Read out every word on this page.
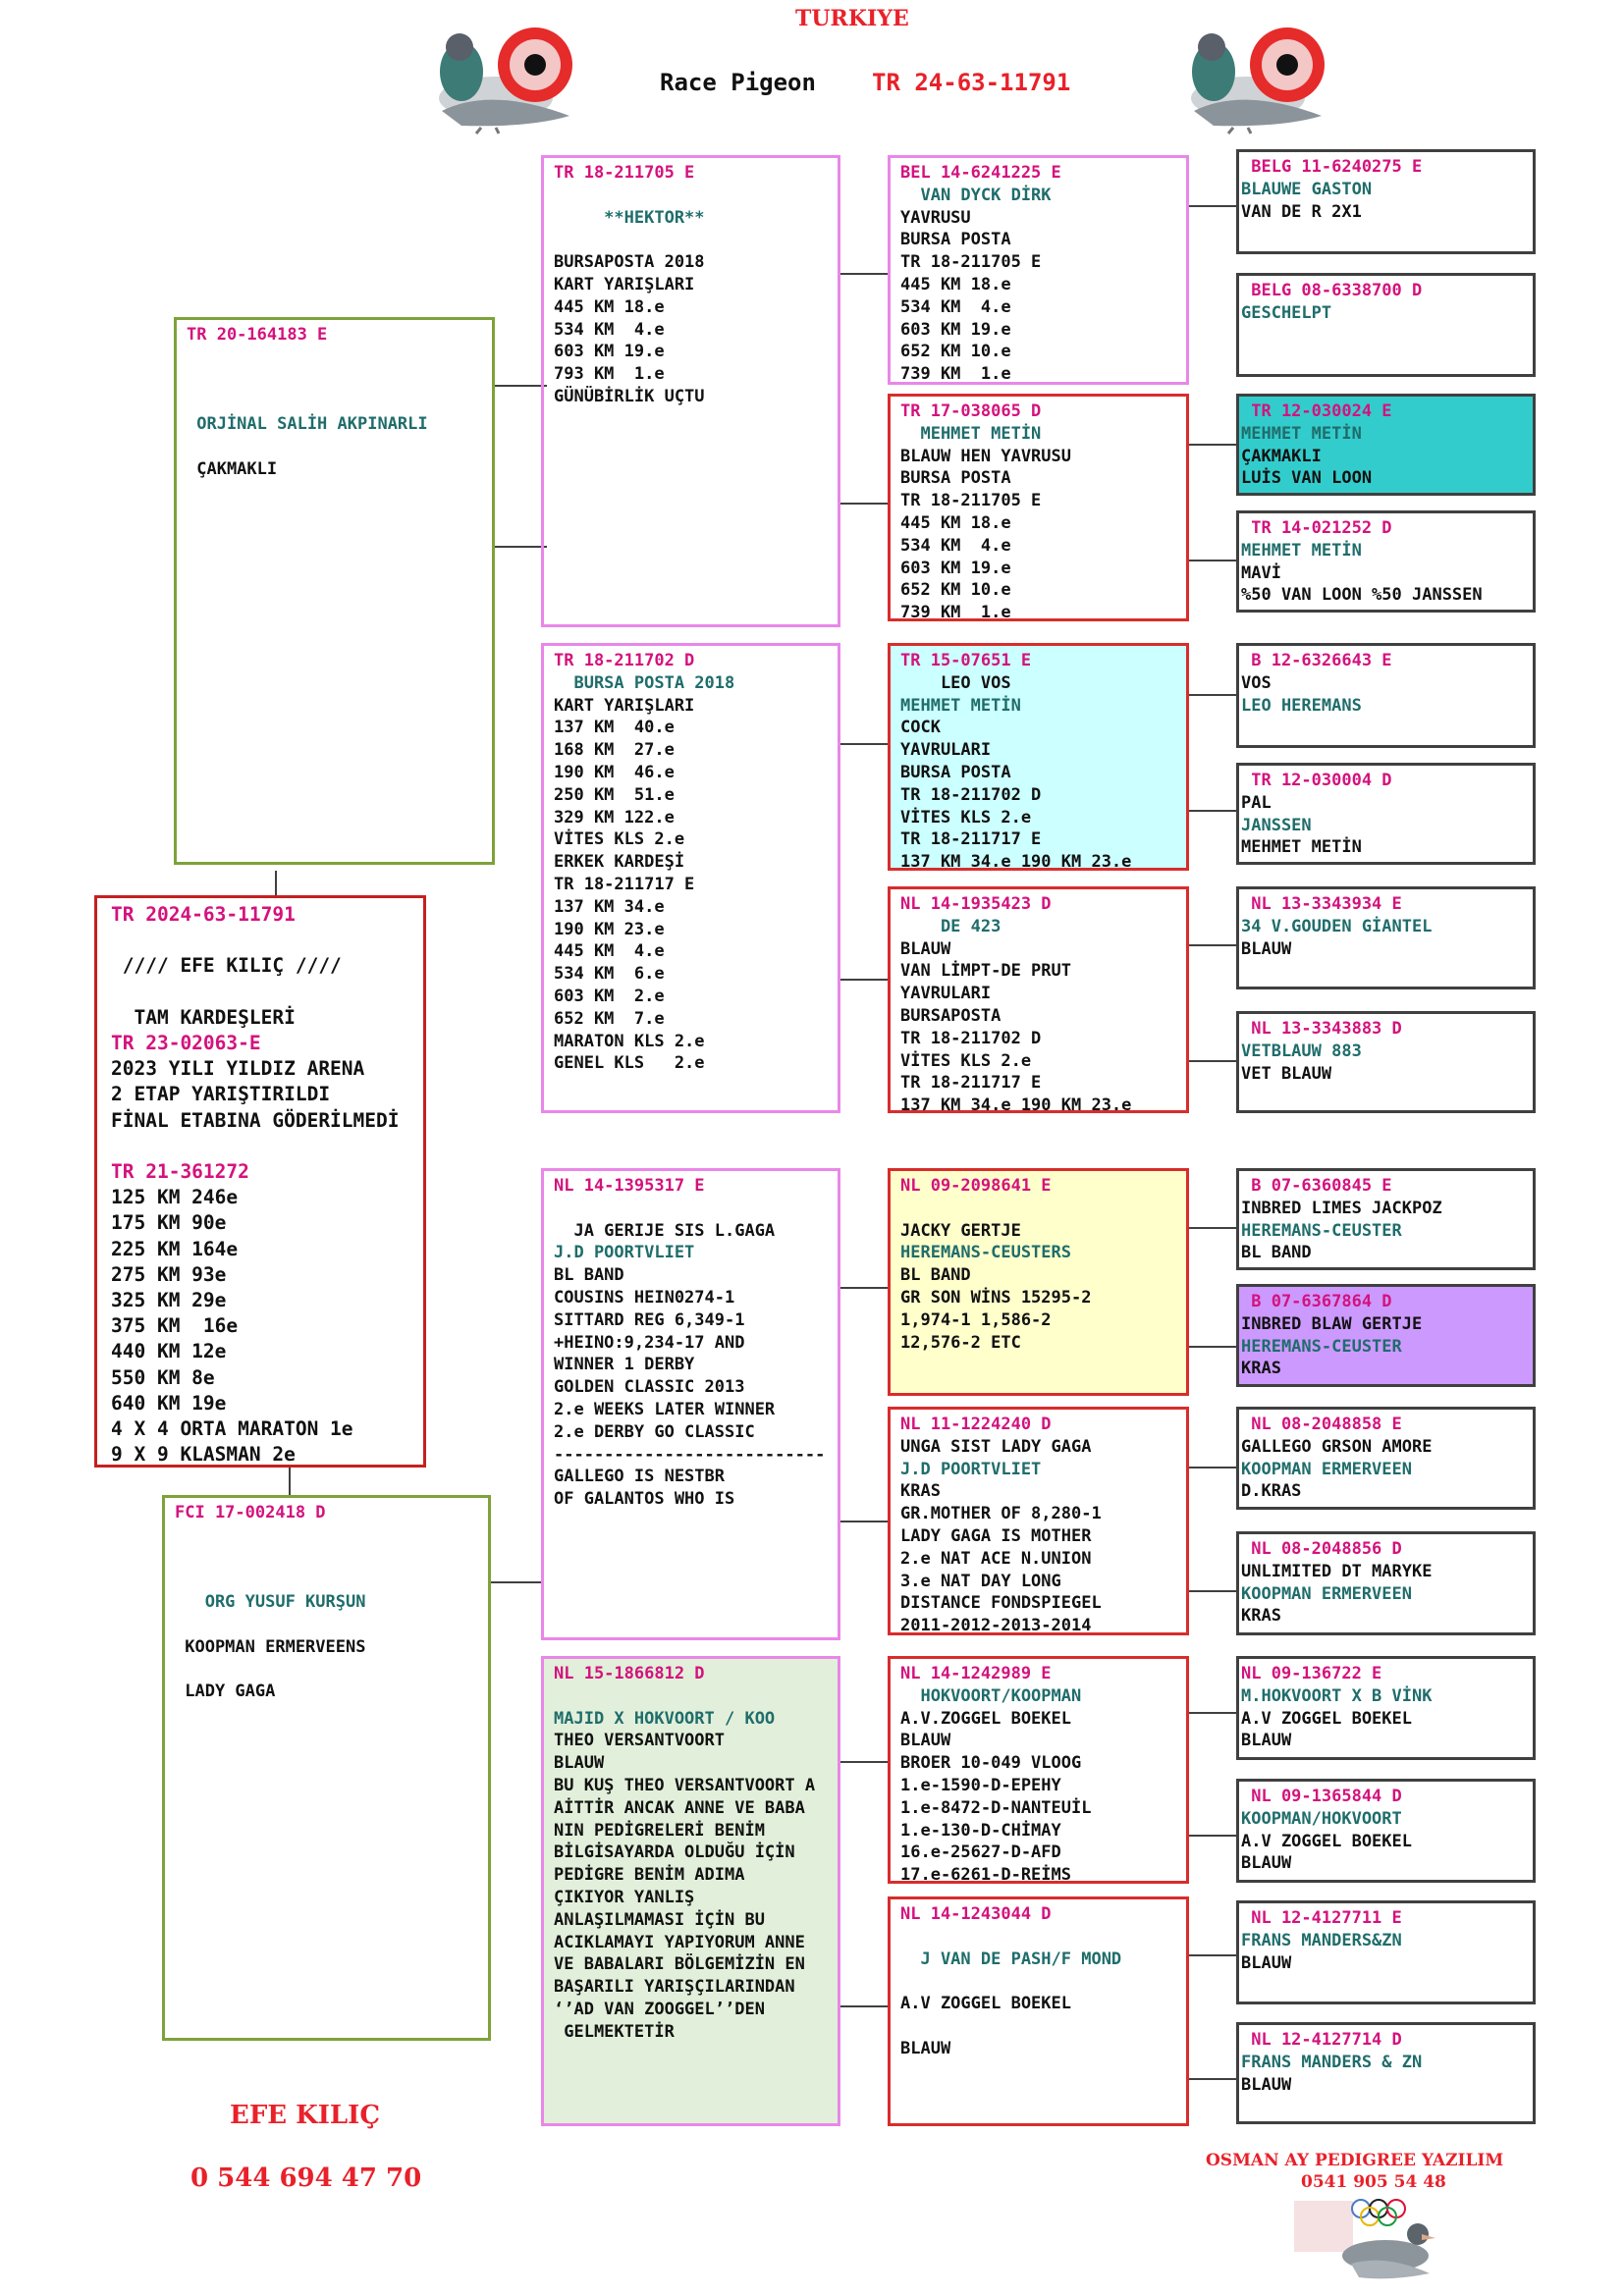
TURKIYE
Race Pigeon TR 24-63-11791
TR 2024-63-11791

//// EFE KILIÇ ////

TAM KARDEŞLERİ
TR 23-02063-E
2023 YILI YILDIZ ARENA
2 ETAP YARIŞTIRILDI
FİNAL ETABINA GÖDERİLMEDİ

TR 21-361272
125 KM 246e
175 KM 90e
225 KM 164e
275 KM 93e
325 KM 29e
375 KM  16e
440 KM 12e
550 KM 8e
640 KM 19e
4 X 4 ORTA MARATON 1e
9 X 9 KLASMAN 2e
TR 20-164183 E

ORJİNAL SALİH AKPINARLI

ÇAKMAKLI
FCI 17-002418 D

ORG YUSUF KURŞUN

KOOPMAN ERMERVEENS

LADY GAGA
TR 18-211705 E

**HEKTOR**

BURSAPOSTA 2018
KART YARIŞLARI
445 KM 18.e
534 KM  4.e
603 KM 19.e
793 KM  1.e
GÜNÜBİRLİK UÇTU
TR 18-211702 D
BURSA POSTA 2018
KART YARIŞLARI
137 KM  40.e
168 KM  27.e
190 KM  46.e
250 KM  51.e
329 KM 122.e
VİTES KLS 2.e
ERKEK KARDEŞİ
TR 18-211717 E
137 KM 34.e
190 KM 23.e
445 KM  4.e
534 KM  6.e
603 KM  2.e
652 KM  7.e
MARATON KLS 2.e
GENEL KLS   2.e
NL 14-1395317 E

JA GERIJE SIS L.GAGA
J.D POORTVLIET
BL BAND
COUSINS HEIN0274-1
SITTARD REG 6,349-1
+HEINO:9,234-17 AND
WINNER 1 DERBY
GOLDEN CLASSIC 2013
2.e WEEKS LATER WINNER
2.e DERBY GO CLASSIC
---------------------------
GALLEGO IS NESTBR
OF GALANTOS WHO IS
NL 15-1866812 D

MAJID X HOKVOORT / KOO
THEO VERSANTVOORT
BLAUW
BU KUŞ THEO VERSANTVOORT A
AİTTİR ANCAK ANNE VE BABA
NIN PEDİGRELERİ BENİM
BİLGİSAYARDA OLDUĞU İÇİN
PEDİGRE BENİM ADIMA
ÇIKIYOR YANLIŞ
ANLAŞILMAMASI İÇİN BU
ACIKLAMAYI YAPIYORUM ANNE
VE BABALARI BÖLGEMİZİN EN
BAŞARILI YARIŞÇILARINDAN
‘’AD VAN ZOOGGEL’’DEN
GELMEKTETİR
BEL 14-6241225 E
VAN DYCK DİRK
YAVRUSU
BURSA POSTA
TR 18-211705 E
445 KM 18.e
534 KM  4.e
603 KM 19.e
652 KM 10.e
739 KM  1.e
TR 17-038065 D
MEHMET METİN
BLAUW HEN YAVRUSU
BURSA POSTA
TR 18-211705 E
445 KM 18.e
534 KM  4.e
603 KM 19.e
652 KM 10.e
739 KM  1.e
TR 15-07651 E
LEO VOS
MEHMET METİN
COCK
YAVRULARI
BURSA POSTA
TR 18-211702 D
VİTES KLS 2.e
TR 18-211717 E
137 KM 34.e 190 KM 23.e
NL 14-1935423 D
DE 423
BLAUW
VAN LİMPT-DE PRUT
YAVRULARI
BURSAPOSTA
TR 18-211702 D
VİTES KLS 2.e
TR 18-211717 E
137 KM 34.e 190 KM 23.e
NL 09-2098641 E

JACKY GERTJE
HEREMANS-CEUSTERS
BL BAND
GR SON WİNS 15295-2
1,974-1 1,586-2
12,576-2 ETC
NL 11-1224240 D
UNGA SIST LADY GAGA
J.D POORTVLIET
KRAS
GR.MOTHER OF 8,280-1
LADY GAGA IS MOTHER
2.e NAT ACE N.UNION
3.e NAT DAY LONG
DISTANCE FONDSPIEGEL
2011-2012-2013-2014
NL 14-1242989 E
HOKVOORT/KOOPMAN
A.V.ZOGGEL BOEKEL
BLAUW
BROER 10-049 VLOOG
1.e-1590-D-EPEHY
1.e-8472-D-NANTEUİL
1.e-130-D-CHİMAY
16.e-25627-D-AFD
17.e-6261-D-REİMS
NL 14-1243044 D

J VAN DE PASH/F MOND

A.V ZOGGEL BOEKEL

BLAUW
BELG 11-6240275 E
BLAUWE GASTON
VAN DE R 2X1
BELG 08-6338700 D
GESCHELPT
TR 12-030024 E
MEHMET METİN
ÇAKMAKLI
LUİS VAN LOON
TR 14-021252 D
MEHMET METİN
MAVİ
%50 VAN LOON %50 JANSSEN
B 12-6326643 E
VOS
LEO HEREMANS
TR 12-030004 D
PAL
JANSSEN
MEHMET METİN
NL 13-3343934 E
34 V.GOUDEN GİANTEL
BLAUW
NL 13-3343883 D
VETBLAUW 883
VET BLAUW
B 07-6360845 E
INBRED LIMES JACKPOZ
HEREMANS-CEUSTER
BL BAND
B 07-6367864 D
INBRED BLAW GERTJE
HEREMANS-CEUSTER
KRAS
NL 08-2048858 E
GALLEGO GRSON AMORE
KOOPMAN ERMERVEEN
D.KRAS
NL 08-2048856 D
UNLIMITED DT MARYKE
KOOPMAN ERMERVEEN
KRAS
NL 09-136722 E
M.HOKVOORT X B VİNK
A.V ZOGGEL BOEKEL
BLAUW
NL 09-1365844 D
KOOPMAN/HOKVOORT
A.V ZOGGEL BOEKEL
BLAUW
NL 12-4127711 E
FRANS MANDERS&ZN
BLAUW
NL 12-4127714 D
FRANS MANDERS & ZN
BLAUW
EFE KILIÇ
0 544 694 47 70
OSMAN AY PEDIGREE YAZILIM
0541 905 54 48
